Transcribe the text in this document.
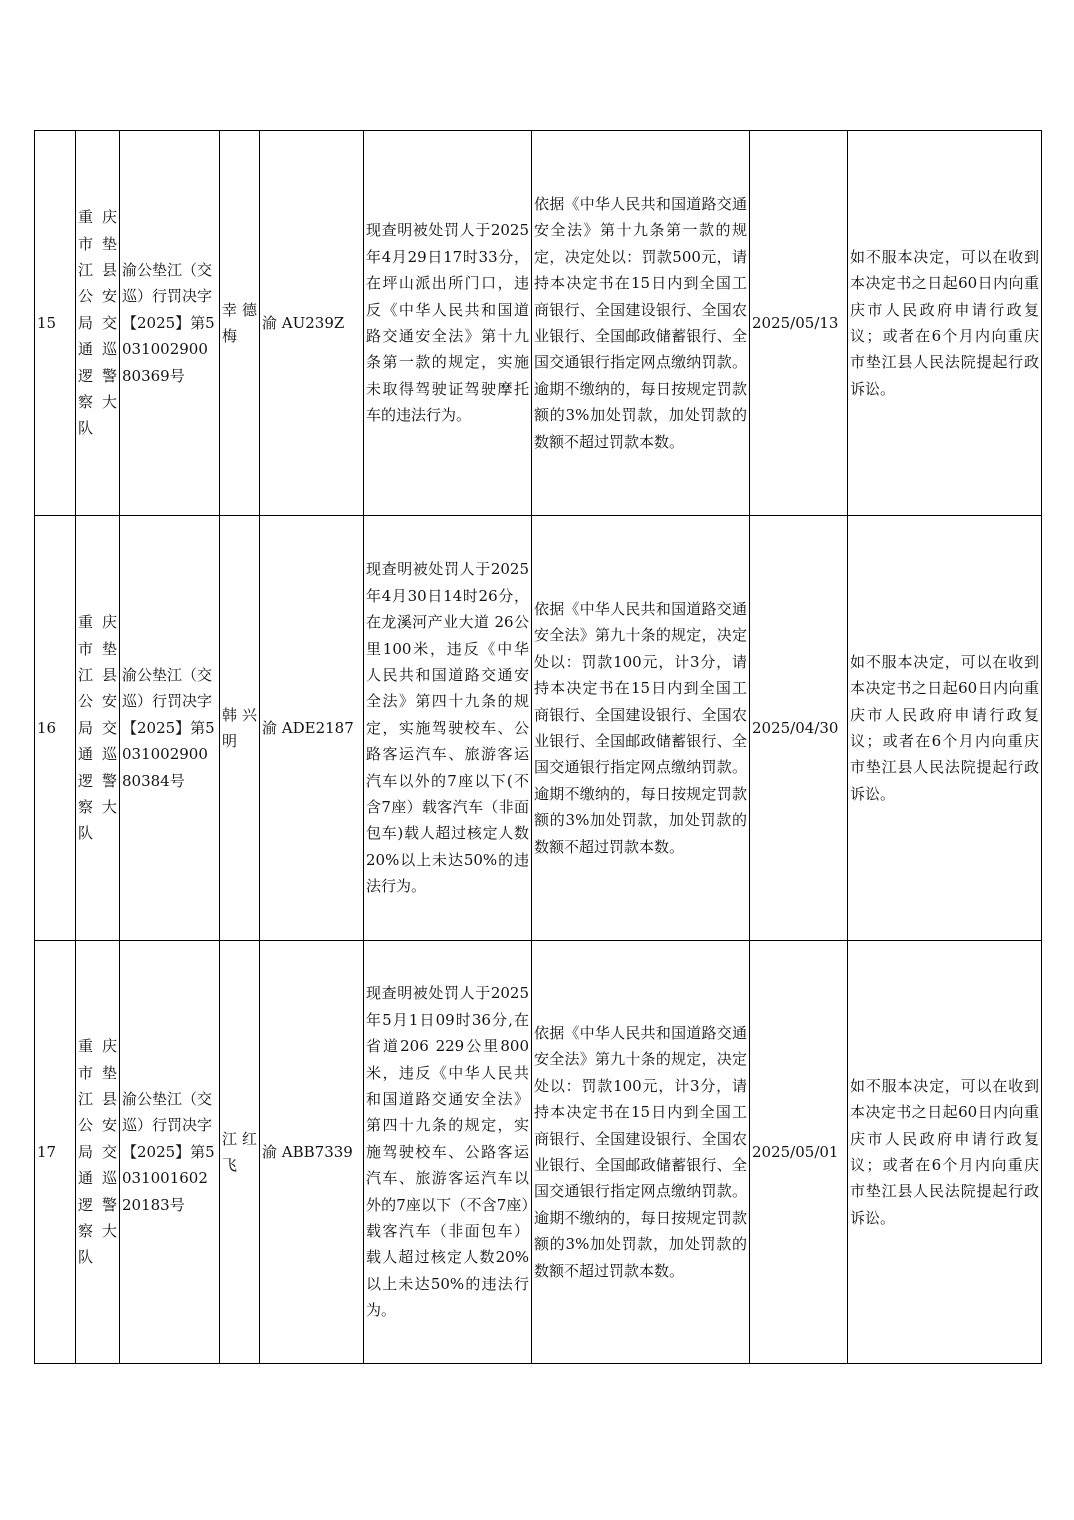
15	重庆市垫江县公安局交通巡逻警察大队	渝公垫江（交巡）行罚决字【2025】第503100290080369号	幸德梅	渝 AU239Z	现查明被处罚人于2025年4月29日17时33分，在坪山派出所门口，违反《中华人民共和国道路交通安全法》第十九条第一款的规定，实施未取得驾驶证驾驶摩托车的违法行为。	依据《中华人民共和国道路交通安全法》第十九条第一款的规定，决定处以：罚款500元，请持本决定书在15日内到全国工商银行、全国建设银行、全国农业银行、全国邮政储蓄银行、全国交通银行指定网点缴纳罚款。逾期不缴纳的，每日按规定罚款额的3%加处罚款，加处罚款的数额不超过罚款本数。	2025/05/13	如不服本决定，可以在收到本决定书之日起60日内向重庆市人民政府申请行政复议；或者在6个月内向重庆市垫江县人民法院提起行政诉讼。
16	重庆市垫江县公安局交通巡逻警察大队	渝公垫江（交巡）行罚决字【2025】第503100290080384号	韩兴明	渝 ADE2187	现查明被处罚人于2025年4月30日14时26分，在龙溪河产业大道 26公里100米，违反《中华人民共和国道路交通安全法》第四十九条的规定，实施驾驶校车、公路客运汽车、旅游客运汽车以外的7座以下(不含7座）载客汽车（非面包车)载人超过核定人数20%以上未达50%的违法行为。	依据《中华人民共和国道路交通安全法》第九十条的规定，决定处以：罚款100元，计3分，请持本决定书在15日内到全国工商银行、全国建设银行、全国农业银行、全国邮政储蓄银行、全国交通银行指定网点缴纳罚款。逾期不缴纳的，每日按规定罚款额的3%加处罚款，加处罚款的数额不超过罚款本数。	2025/04/30	如不服本决定，可以在收到本决定书之日起60日内向重庆市人民政府申请行政复议；或者在6个月内向重庆市垫江县人民法院提起行政诉讼。
17	重庆市垫江县公安局交通巡逻警察大队	渝公垫江（交巡）行罚决字【2025】第503100160220183号	江红飞	渝 ABB7339	现查明被处罚人于2025年5月1日09时36分,在省道206 229公里800米，违反《中华人民共和国道路交通安全法》第四十九条的规定，实施驾驶校车、公路客运汽车、旅游客运汽车以外的7座以下（不含7座）载客汽车（非面包车）载人超过核定人数20%以上未达50%的违法行为。	依据《中华人民共和国道路交通安全法》第九十条的规定，决定处以：罚款100元，计3分，请持本决定书在15日内到全国工商银行、全国建设银行、全国农业银行、全国邮政储蓄银行、全国交通银行指定网点缴纳罚款。逾期不缴纳的，每日按规定罚款额的3%加处罚款，加处罚款的数额不超过罚款本数。	2025/05/01	如不服本决定，可以在收到本决定书之日起60日内向重庆市人民政府申请行政复议；或者在6个月内向重庆市垫江县人民法院提起行政诉讼。
